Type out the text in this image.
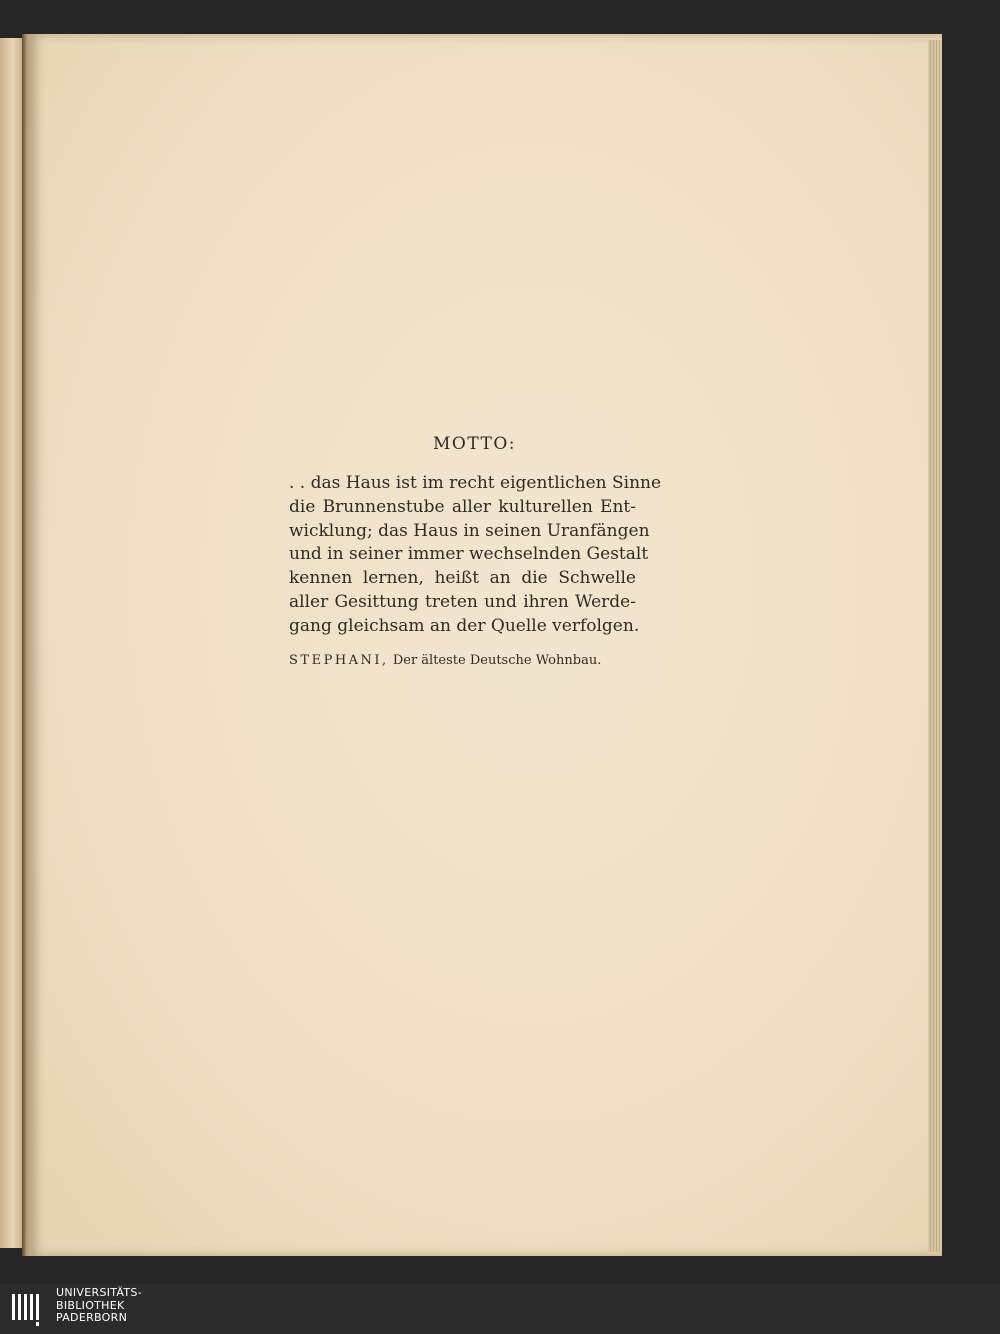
MOTTO:
. . das Haus ist im recht eigentlichen Sinne
die Brunnenstube aller kulturellen Ent-
wicklung; das Haus in seinen Uranfängen
und in seiner immer wechselnden Gestalt
kennen lernen, heißt an die Schwelle
aller Gesittung treten und ihren Werde-
gang gleichsam an der Quelle verfolgen.
STEPHANI, Der älteste Deutsche Wohnbau.
UNIVERSITÄTS-
BIBLIOTHEK
PADERBORN
